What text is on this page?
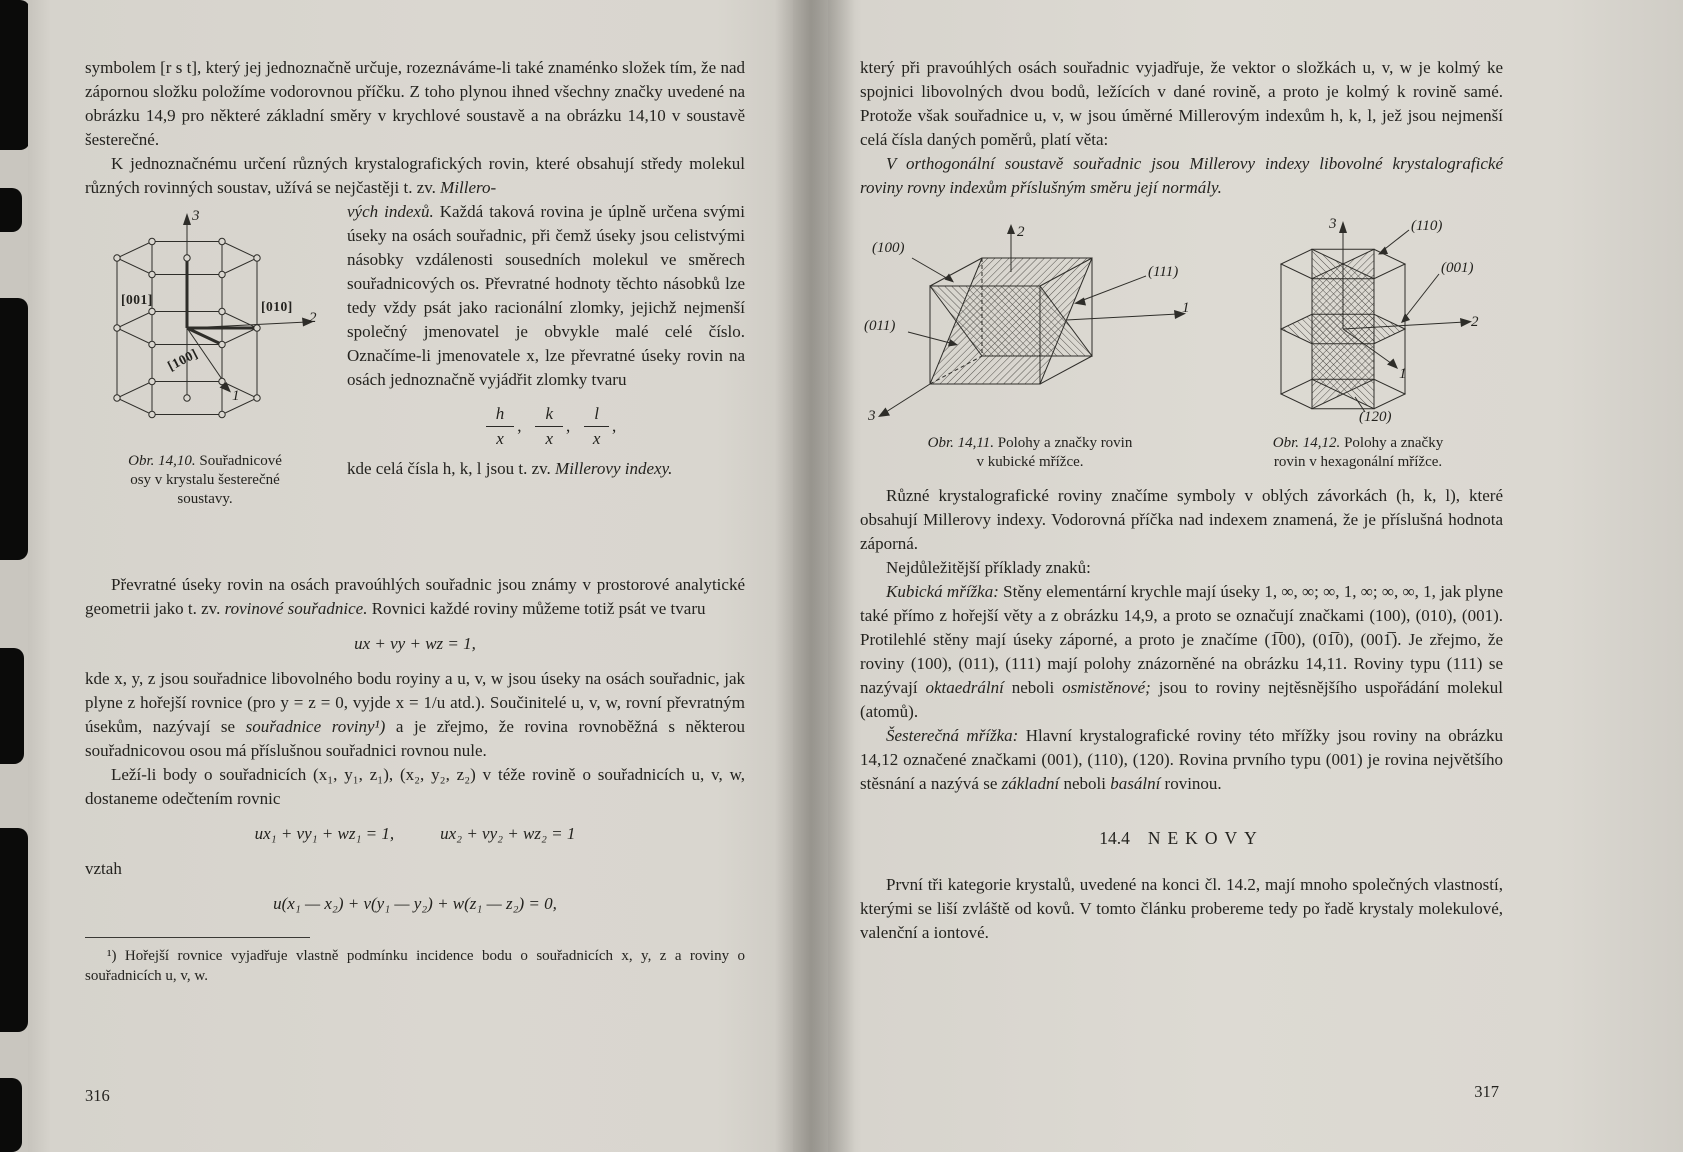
symbolem [r s t], který jej jednoznačně určuje, rozeznáváme-li také znaménko složek tím, že nad zápornou složku položíme vodorovnou příčku. Z toho plynou ihned všechny značky uvedené na obrázku 14,9 pro některé základní směry v krychlové soustavě a na obrázku 14,10 v soustavě šesterečné.

K jednoznačnému určení různých krystalografických rovin, které obsahují středy molekul různých rovinných soustav, užívá se nejčastěji t. zv. Millero-

3
2
1
[001]	[010]
[100]
Obr. 14,10. Souřadnicové
osy v krystalu šesterečné
soustavy.

vých indexů. Každá taková rovina je úplně určena svými úseky na osách souřadnic, při čemž úseky jsou celistvými násobky vzdálenosti sousedních molekul ve směrech souřadnicových os. Převratné hodnoty těchto násobků lze tedy vždy psát jako racionální zlomky, jejichž nejmenší společný jmenovatel je obvykle malé celé číslo. Označíme-li jmenovatele x, lze převratné úseky rovin na osách jednoznačně vyjádřit zlomky tvaru

$\frac{h}{x}$ , $\frac{k}{x}$ , $\frac{l}{x}$ ,

kde celá čísla h, k, l jsou t. zv. Millerovy indexy.

Převratné úseky rovin na osách pravoúhlých souřadnic jsou známy v prostorové analytické geometrii jako t. zv. rovinové souřadnice. Rovnici každé roviny můžeme totiž psát ve tvaru

ux + vy + wz = 1,

kde x, y, z jsou souřadnice libovolného bodu royiny a u, v, w jsou úseky na osách souřadnic, jak plyne z hořejší rovnice (pro y = z = 0, vyjde x = 1/u atd.). Součinitelé u, v, w, rovní převratným úsekům, nazývají se souřadnice roviny¹) a je zřejmo, že rovina rovnoběžná s některou souřadnicovou osou má příslušnou souřadnici rovnou nule.

Leží-li body o souřadnicích (x₁, y₁, z₁), (x₂, y₂, z₂) v téže rovině o souřadnicích u, v, w, dostaneme odečtením rovnic

ux₁ + vy₁ + wz₁ = 1,	ux₂ + vy₂ + wz₂ = 1

vztah

u(x₁ — x₂) + v(y₁ — y₂) + w(z₁ — z₂) = 0,

¹) Hořejší rovnice vyjadřuje vlastně podmínku incidence bodu o souřadnicích x, y, z a roviny o souřadnicích u, v, w.

316

který při pravoúhlých osách souřadnic vyjadřuje, že vektor o složkách u, v, w je kolmý ke spojnici libovolných dvou bodů, ležících v dané rovině, a proto je kolmý k rovině samé. Protože však souřadnice u, v, w jsou úměrné Millerovým indexům h, k, l, jež jsou nejmenší celá čísla daných poměrů, platí věta:

V orthogonální soustavě souřadnic jsou Millerovy indexy libovolné krystalografické roviny rovny indexům příslušným směru její normály.

2
1
3
(100)
(111)
(011)
Obr. 14,11. Polohy a značky rovin
v kubické mřížce.
3	(110)
(001)
2
1
(120)
Obr. 14,12. Polohy a značky
rovin v hexagonální mřížce.

Různé krystalografické roviny značíme symboly v oblých závorkách (h, k, l), které obsahují Millerovy indexy. Vodorovná příčka nad indexem znamená, že je příslušná hodnota záporná.

Nejdůležitější příklady znaků:

Kubická mřížka: Stěny elementární krychle mají úseky 1, ∞, ∞; ∞, 1, ∞; ∞, ∞, 1, jak plyne také přímo z hořejší věty a z obrázku 14,9, a proto se označují značkami (100), (010), (001). Protilehlé stěny mají úseky záporné, a proto je značíme (1̅00), (01̅0), (001̅). Je zřejmo, že roviny (100), (011), (111) mají polohy znázorněné na obrázku 14,11. Roviny typu (111) se nazývají oktaedrální neboli osmistěnové; jsou to roviny nejtěsnějšího uspořádání molekul (atomů).

Šesterečná mřížka: Hlavní krystalografické roviny této mřížky jsou roviny na obrázku 14,12 označené značkami (001), (110), (120). Rovina prvního typu (001) je rovina největšího stěsnání a nazývá se základní neboli basální rovinou.

14.4 NEKOVY

První tři kategorie krystalů, uvedené na konci čl. 14.2, mají mnoho společných vlastností, kterými se liší zvláště od kovů. V tomto článku probereme tedy po řadě krystaly molekulové, valenční a iontové.

317
